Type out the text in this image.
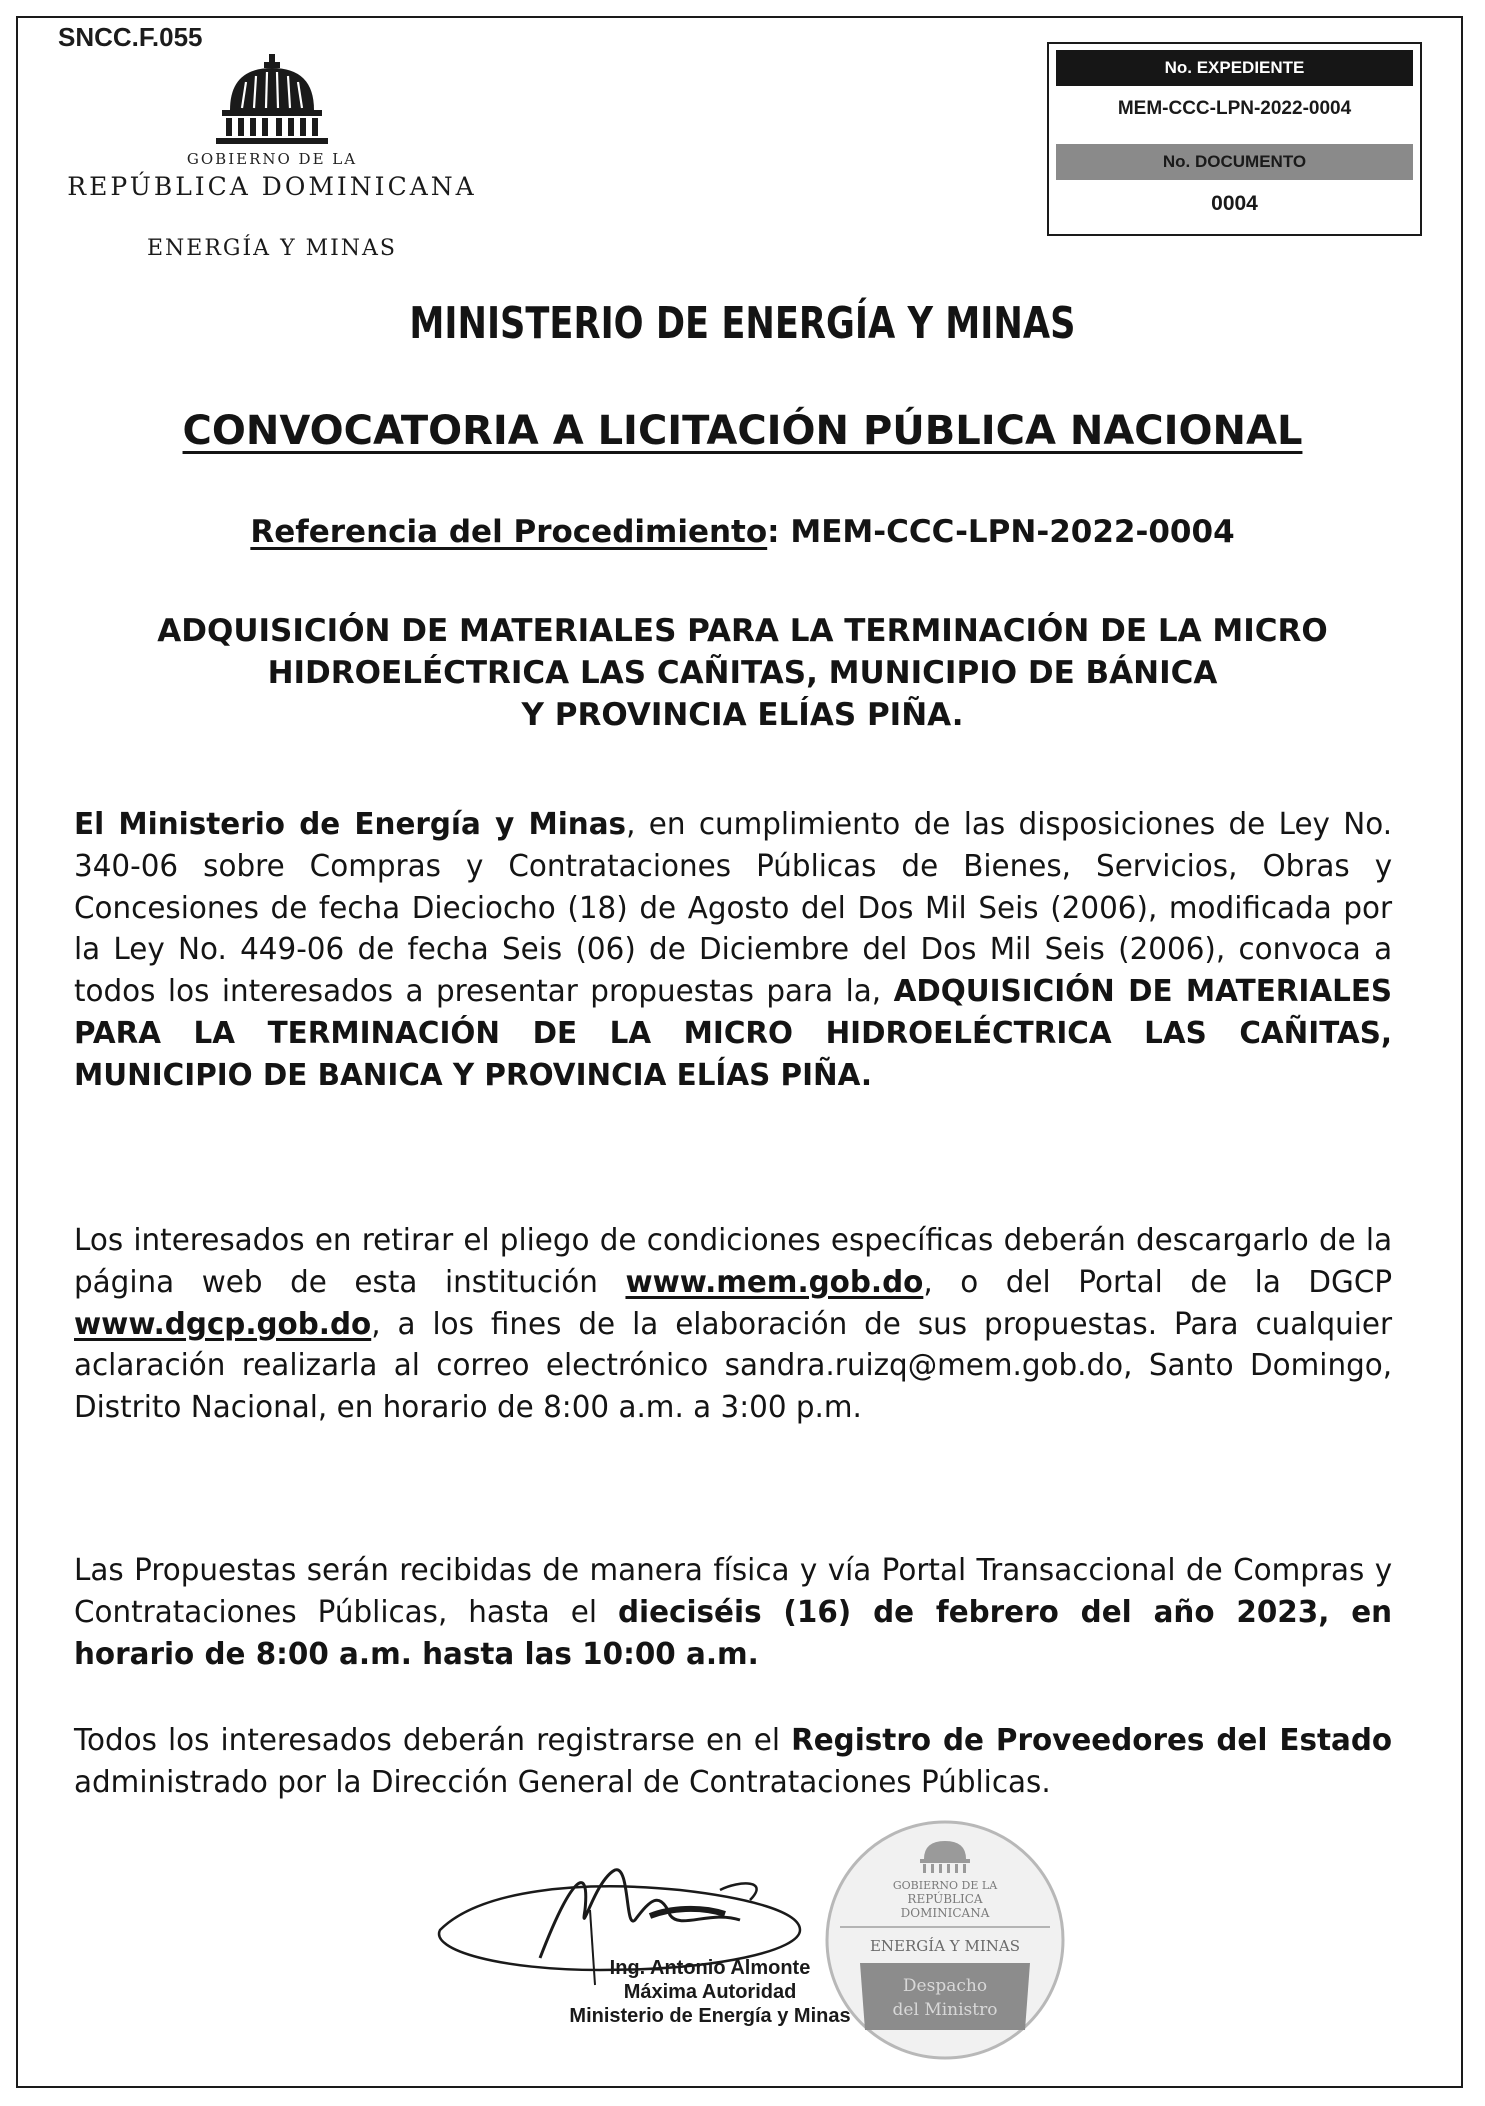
SNCC.F.055
GOBIERNO DE LA
REPÚBLICA DOMINICANA
ENERGÍA Y MINAS
No. EXPEDIENTE
MEM-CCC-LPN-2022-0004
No. DOCUMENTO
0004
MINISTERIO DE ENERGÍA Y MINAS
CONVOCATORIA A LICITACIÓN PÚBLICA NACIONAL
Referencia del Procedimiento: MEM-CCC-LPN-2022-0004
ADQUISICIÓN DE MATERIALES PARA LA TERMINACIÓN DE LA MICRO
HIDROELÉCTRICA LAS CAÑITAS, MUNICIPIO DE BÁNICA
Y PROVINCIA ELÍAS PIÑA.
El Ministerio de Energía y Minas, en cumplimiento de las disposiciones de Ley No. 340-06 sobre Compras y Contrataciones Públicas de Bienes, Servicios, Obras y Concesiones de fecha Dieciocho (18) de Agosto del Dos Mil Seis (2006), modificada por la Ley No. 449-06 de fecha Seis (06) de Diciembre del Dos Mil Seis (2006), convoca a todos los interesados a presentar propuestas para la, ADQUISICIÓN DE MATERIALES PARA LA TERMINACIÓN DE LA MICRO HIDROELÉCTRICA LAS CAÑITAS, MUNICIPIO DE BANICA Y PROVINCIA ELÍAS PIÑA.
Los interesados en retirar el pliego de condiciones específicas deberán descargarlo de la página web de esta institución www.mem.gob.do, o del Portal de la DGCP www.dgcp.gob.do, a los fines de la elaboración de sus propuestas. Para cualquier aclaración realizarla al correo electrónico sandra.ruizq@mem.gob.do, Santo Domingo, Distrito Nacional, en horario de 8:00 a.m. a 3:00 p.m.
Las Propuestas serán recibidas de manera física y vía Portal Transaccional de Compras y Contrataciones Públicas, hasta el dieciséis (16) de febrero del año 2023, en horario de 8:00 a.m. hasta las 10:00 a.m.
Todos los interesados deberán registrarse en el Registro de Proveedores del Estado administrado por la Dirección General de Contrataciones Públicas.
GOBIERNO DE LA
REPÚBLICA
DOMINICANA
ENERGÍA Y MINAS
Despacho
del Ministro
Ing. Antonio Almonte
Máxima Autoridad
Ministerio de Energía y Minas
